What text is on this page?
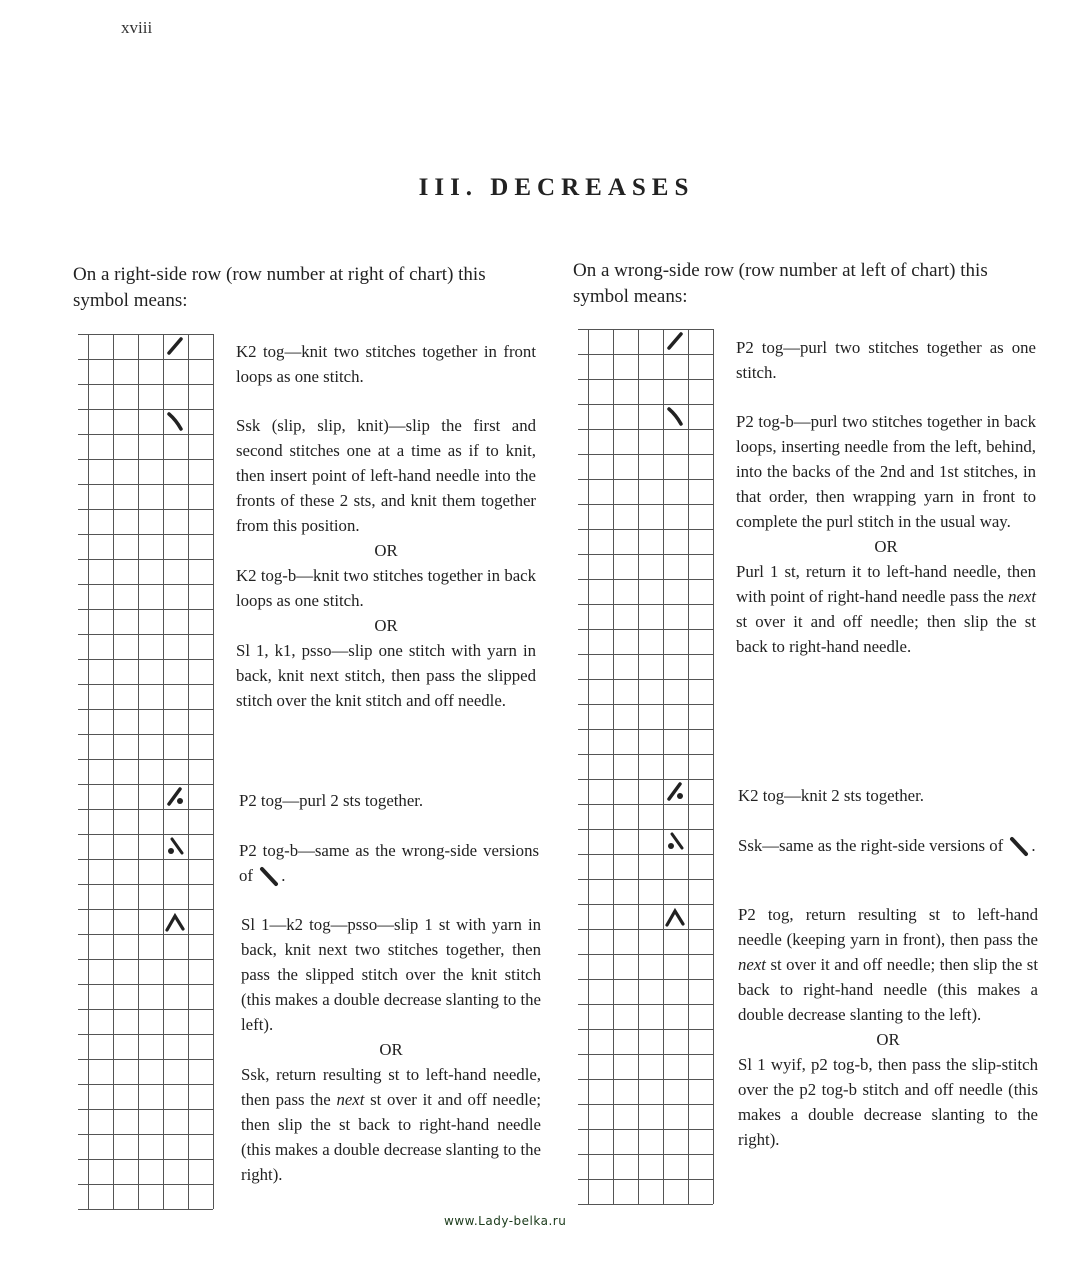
xviii
III. DECREASES
On a right-side row (row number at right of chart) this symbol means:
On a wrong-side row (row number at left of chart) this symbol means:
K2 tog—knit two stitches together in front loops as one stitch.
Ssk (slip, slip, knit)—slip the first and second stitches one at a time as if to knit, then insert point of left-hand needle into the fronts of these 2 sts, and knit them together from this position.
OR
K2 tog-b—knit two stitches together in back loops as one stitch.
OR
Sl 1, k1, psso—slip one stitch with yarn in back, knit next stitch, then pass the slipped stitch over the knit stitch and off needle.
P2 tog—purl 2 sts together.
P2 tog-b—same as the wrong-side versions of .
Sl 1—k2 tog—psso—slip 1 st with yarn in back, knit next two stitches together, then pass the slipped stitch over the knit stitch (this makes a double decrease slanting to the left).
OR
Ssk, return resulting st to left-hand needle, then pass the next st over it and off needle; then slip the st back to right-hand needle (this makes a double decrease slanting to the right).
P2 tog—purl two stitches together as one stitch.
P2 tog-b—purl two stitches together in back loops, inserting needle from the left, behind, into the backs of the 2nd and 1st stitches, in that order, then wrapping yarn in front to complete the purl stitch in the usual way.
OR
Purl 1 st, return it to left-hand needle, then with point of right-hand needle pass the next st over it and off needle; then slip the st back to right-hand needle.
K2 tog—knit 2 sts together.
Ssk—same as the right-side versions of .
P2 tog, return resulting st to left-hand needle (keeping yarn in front), then pass the next st over it and off needle; then slip the st back to right-hand needle (this makes a double decrease slanting to the left).
OR
Sl 1 wyif, p2 tog-b, then pass the slip-stitch over the p2 tog-b stitch and off needle (this makes a double decrease slanting to the right).
www.Lady-belka.ru
